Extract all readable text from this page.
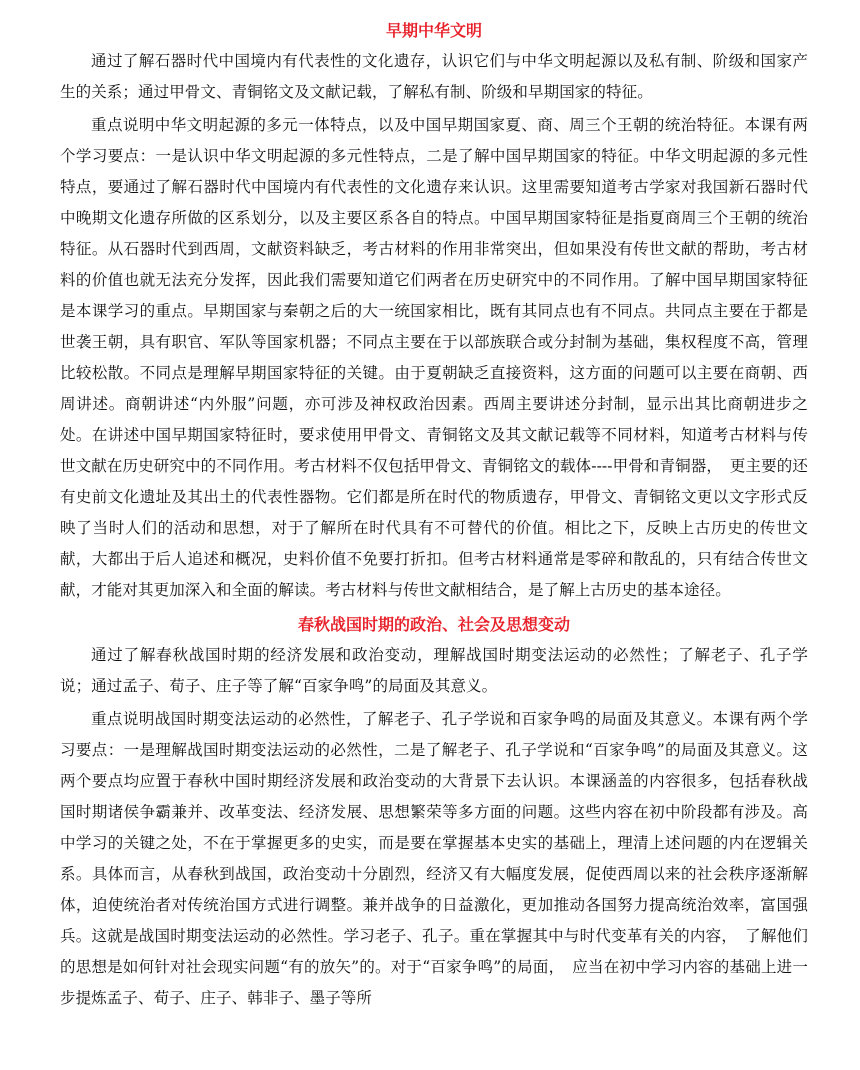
早期中华文明

通过了解石器时代中国境内有代表性的文化遗存，认识它们与中华文明起源以及私有制、阶级和国家产生的关系；通过甲骨文、青铜铭文及文献记载，了解私有制、阶级和早期国家的特征。

重点说明中华文明起源的多元一体特点，以及中国早期国家夏、商、周三个王朝的统治特征。本课有两个学习要点：一是认识中华文明起源的多元性特点，二是了解中国早期国家的特征。中华文明起源的多元性特点，要通过了解石器时代中国境内有代表性的文化遗存来认识。这里需要知道考古学家对我国新石器时代中晚期文化遗存所做的区系划分，以及主要区系各自的特点。中国早期国家特征是指夏商周三个王朝的统治特征。从石器时代到西周，文献资料缺乏，考古材料的作用非常突出，但如果没有传世文献的帮助，考古材料的价值也就无法充分发挥，因此我们需要知道它们两者在历史研究中的不同作用。了解中国早期国家特征是本课学习的重点。早期国家与秦朝之后的大一统国家相比，既有其同点也有不同点。共同点主要在于都是世袭王朝，具有职官、军队等国家机器；不同点主要在于以部族联合或分封制为基础，集权程度不高，管理比较松散。不同点是理解早期国家特征的关键。由于夏朝缺乏直接资料，这方面的问题可以主要在商朝、西周讲述。商朝讲述“内外服”问题，亦可涉及神权政治因素。西周主要讲述分封制，显示出其比商朝进步之处。在讲述中国早期国家特征时，要求使用甲骨文、青铜铭文及其文献记载等不同材料，知道考古材料与传世文献在历史研究中的不同作用。考古材料不仅包括甲骨文、青铜铭文的载体----甲骨和青铜器，　更主要的还有史前文化遗址及其出土的代表性器物。它们都是所在时代的物质遗存，甲骨文、青铜铭文更以文字形式反映了当时人们的活动和思想，对于了解所在时代具有不可替代的价值。相比之下，反映上古历史的传世文献，大都出于后人追述和概况，史料价值不免要打折扣。但考古材料通常是零碎和散乱的，只有结合传世文献，才能对其更加深入和全面的解读。考古材料与传世文献相结合，是了解上古历史的基本途径。

春秋战国时期的政治、社会及思想变动

通过了解春秋战国时期的经济发展和政治变动，理解战国时期变法运动的必然性；了解老子、孔子学说；通过孟子、荀子、庄子等了解“百家争鸣”的局面及其意义。

重点说明战国时期变法运动的必然性，了解老子、孔子学说和百家争鸣的局面及其意义。本课有两个学习要点：一是理解战国时期变法运动的必然性，二是了解老子、孔子学说和“百家争鸣”的局面及其意义。这两个要点均应置于春秋中国时期经济发展和政治变动的大背景下去认识。本课涵盖的内容很多，包括春秋战国时期诸侯争霸兼并、改革变法、经济发展、思想繁荣等多方面的问题。这些内容在初中阶段都有涉及。高中学习的关键之处，不在于掌握更多的史实，而是要在掌握基本史实的基础上，理清上述问题的内在逻辑关系。具体而言，从春秋到战国，政治变动十分剧烈，经济又有大幅度发展，促使西周以来的社会秩序逐渐解体，迫使统治者对传统治国方式进行调整。兼并战争的日益激化，更加推动各国努力提高统治效率，富国强兵。这就是战国时期变法运动的必然性。学习老子、孔子。重在掌握其中与时代变革有关的内容，　了解他们的思想是如何针对社会现实问题“有的放矢”的。对于“百家争鸣”的局面，　应当在初中学习内容的基础上进一步提炼孟子、荀子、庄子、韩非子、墨子等所
